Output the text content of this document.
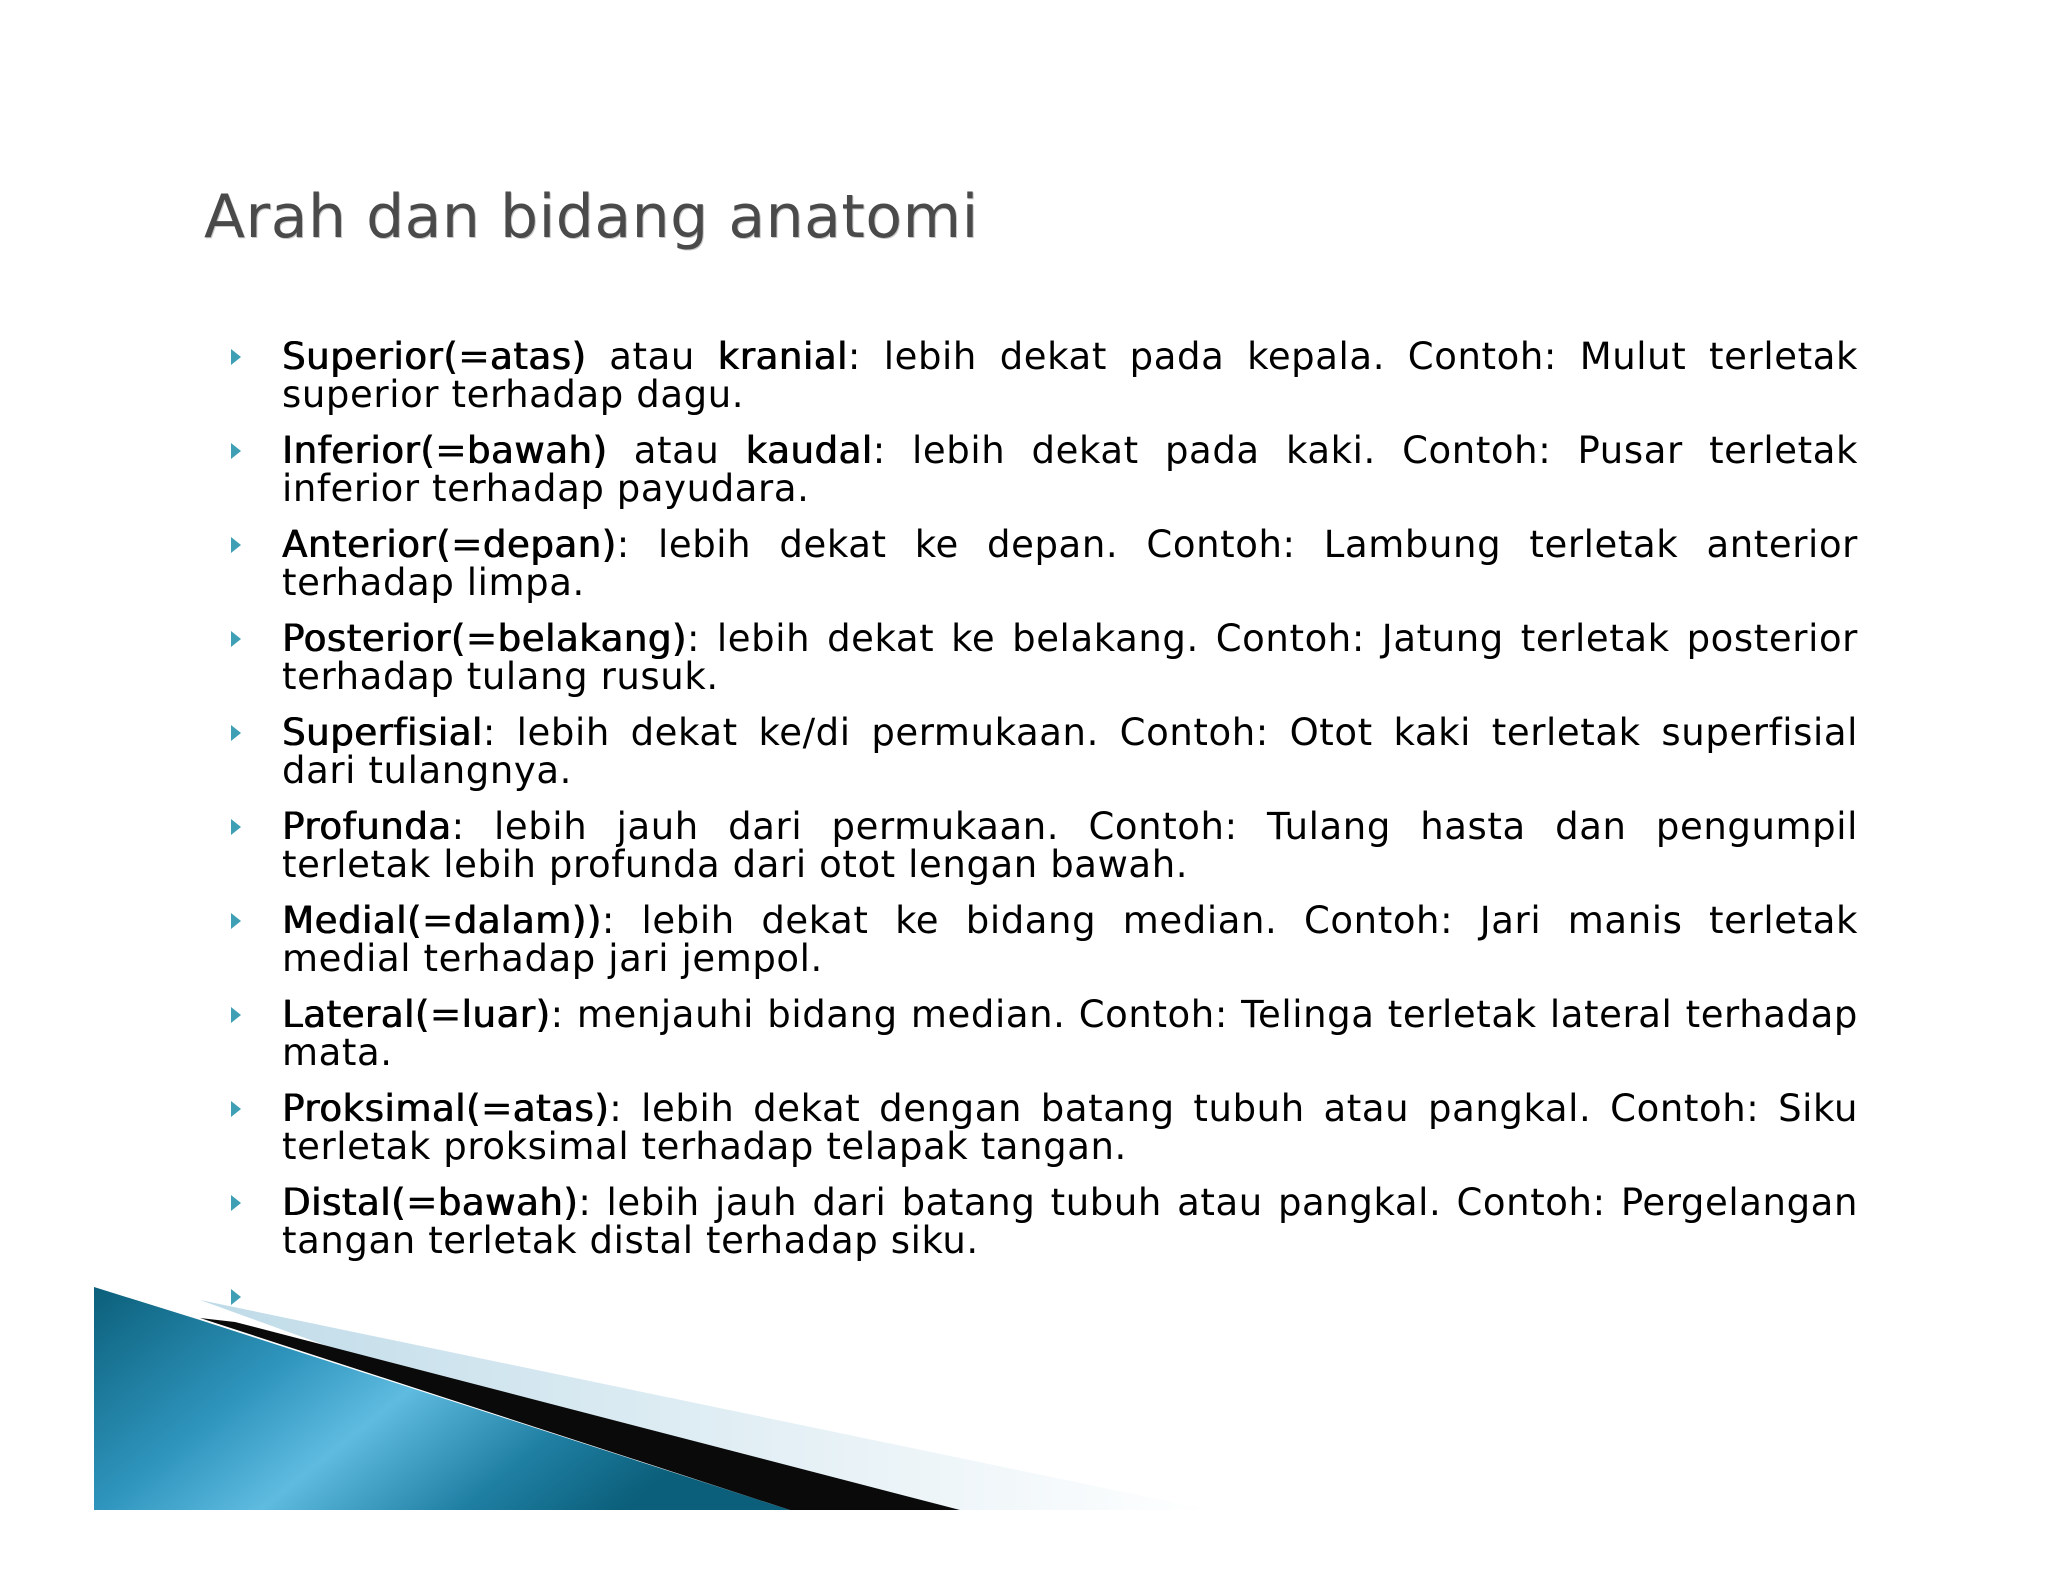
Arah dan bidang anatomi
Superior(=atas) atau kranial: lebih dekat pada kepala. Contoh: Mulut terletak superior terhadap dagu.
Inferior(=bawah) atau kaudal: lebih dekat pada kaki. Contoh: Pusar terletak inferior terhadap payudara.
Anterior(=depan): lebih dekat ke depan. Contoh: Lambung terletak anterior terhadap limpa.
Posterior(=belakang): lebih dekat ke belakang. Contoh: Jatung terletak posterior terhadap tulang rusuk.
Superfisial: lebih dekat ke/di permukaan. Contoh: Otot kaki terletak superfisial dari tulangnya.
Profunda: lebih jauh dari permukaan. Contoh: Tulang hasta dan pengumpil terletak lebih profunda dari otot lengan bawah.
Medial(=dalam)): lebih dekat ke bidang median. Contoh: Jari manis terletak medial terhadap jari jempol.
Lateral(=luar): menjauhi bidang median. Contoh: Telinga terletak lateral terhadap mata.
Proksimal(=atas): lebih dekat dengan batang tubuh atau pangkal. Contoh: Siku terletak proksimal terhadap telapak tangan.
Distal(=bawah): lebih jauh dari batang tubuh atau pangkal. Contoh: Pergelangan tangan terletak distal terhadap siku.
